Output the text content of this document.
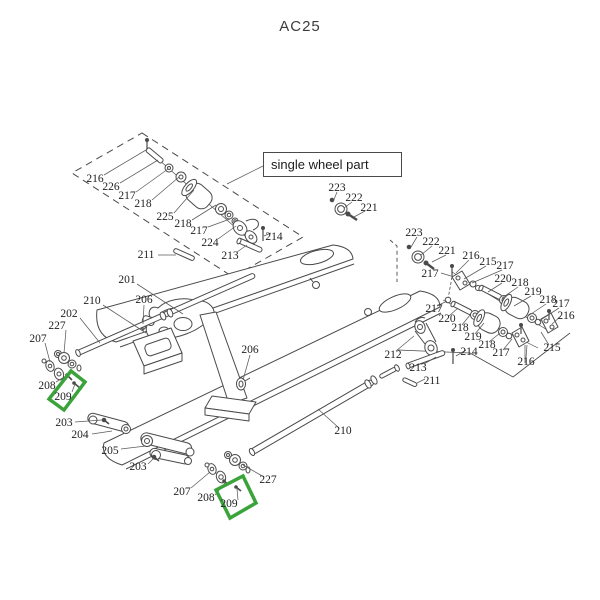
AC25
single wheel part
216
226
217
218
225
218
217
224
213
214
211
223
222
221
201
210
202
227
207
206
208
209
203
204
205
203
207 208 209
227
206
210
212
213
211
223
222
221
217
216 215 217
220 218
219
218
217
216
217
220
218
219
218
217
216
215
214
